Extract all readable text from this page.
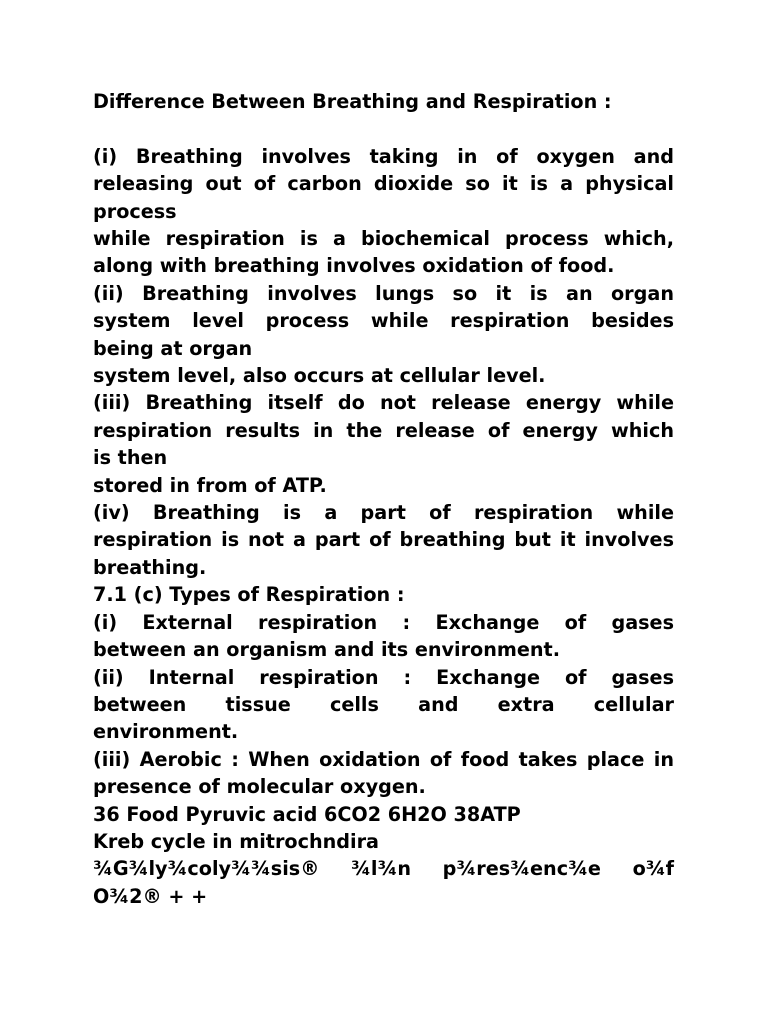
Difference Between Breathing and Respiration :
(i) Breathing involves taking in of oxygen and
releasing out of carbon dioxide so it is a physical
process
while respiration is a biochemical process which,
along with breathing involves oxidation of food.
(ii) Breathing involves lungs so it is an organ
system level process while respiration besides
being at organ
system level, also occurs at cellular level.
(iii) Breathing itself do not release energy while
respiration results in the release of energy which
is then
stored in from of ATP.
(iv) Breathing is a part of respiration while
respiration is not a part of breathing but it involves
breathing.
7.1 (c) Types of Respiration :
(i) External respiration : Exchange of gases
between an organism and its environment.
(ii) Internal respiration : Exchange of gases
between tissue cells and extra cellular
environment.
(iii) Aerobic : When oxidation of food takes place in
presence of molecular oxygen.
36 Food Pyruvic acid 6CO2 6H2O 38ATP
Kreb cycle in mitrochndira
¾G¾ly¾coly¾¾sis® ¾l¾n p¾res¾enc¾e o¾f
O¾2® + +
